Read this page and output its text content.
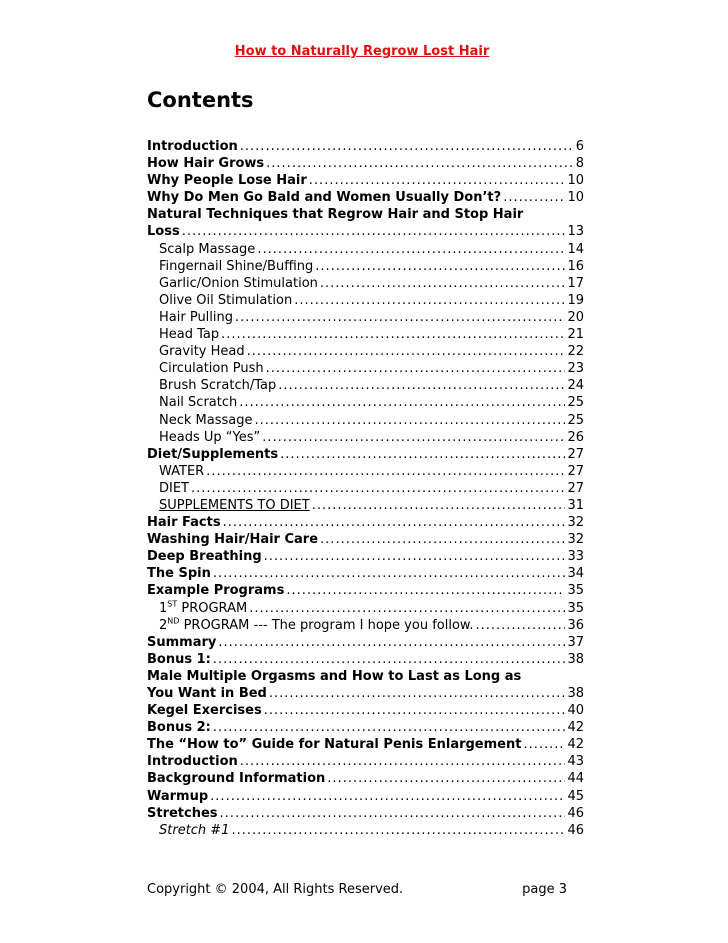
How to Naturally Regrow Lost Hair
Contents
Introduction .....	6
How Hair Grows .....	8
Why People Lose Hair .....	10
Why Do Men Go Bald and Women Usually Don’t? .....	10
Natural Techniques that Regrow Hair and Stop Hair
Loss .....	13
Scalp Massage .....	14
Fingernail Shine/Buffing .....	16
Garlic/Onion Stimulation .....	17
Olive Oil Stimulation .....	19
Hair Pulling .....	20
Head Tap .....	21
Gravity Head .....	22
Circulation Push .....	23
Brush Scratch/Tap .....	24
Nail Scratch .....	25
Neck Massage .....	25
Heads Up “Yes” .....	26
Diet/Supplements .....	27
WATER .....	27
DIET .....	27
SUPPLEMENTS TO DIET .....	31
Hair Facts .....	32
Washing Hair/Hair Care .....	32
Deep Breathing .....	33
The Spin .....	34
Example Programs .....	35
1ST PROGRAM .....	35
2ND PROGRAM --- The program I hope you follow. .....	36
Summary .....	37
Bonus 1: .....	38
Male Multiple Orgasms and How to Last as Long as
You Want in Bed .....	38
Kegel Exercises .....	40
Bonus 2: .....	42
The “How to” Guide for Natural Penis Enlargement .....	42
Introduction .....	43
Background Information .....	44
Warmup .....	45
Stretches .....	46
Stretch #1 .....	46
Copyright © 2004, All Rights Reserved.	page 3
